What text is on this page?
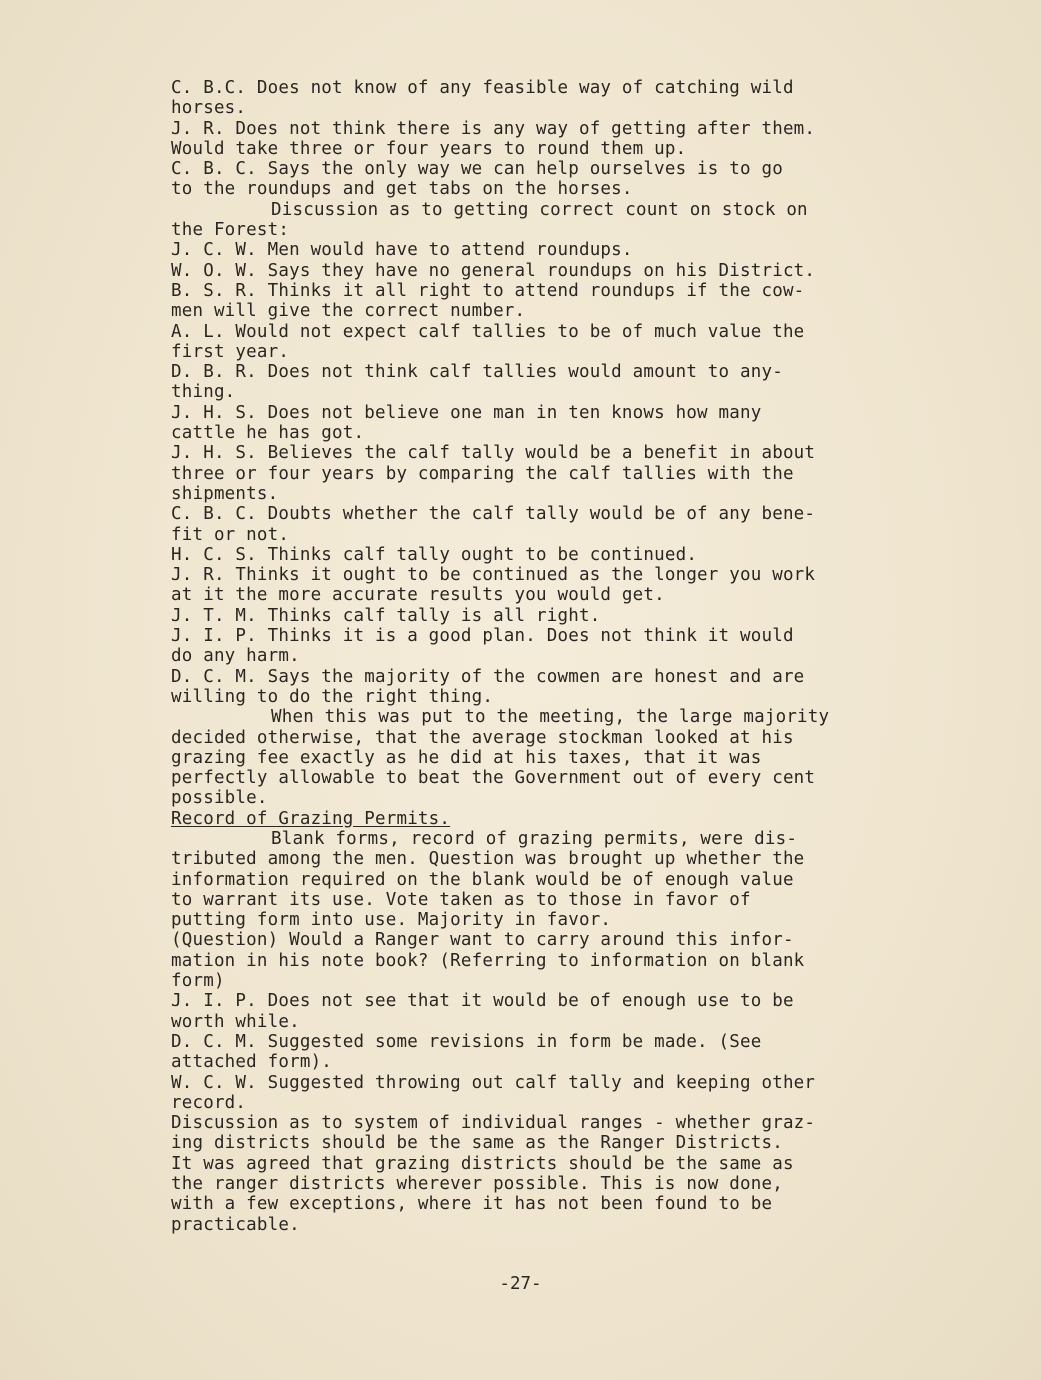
C. B.C. Does not know of any feasible way of catching wild
horses.
J. R. Does not think there is any way of getting after them.
Would take three or four years to round them up.
C. B. C. Says the only way we can help ourselves is to go
to the roundups and get tabs on the horses.
Discussion as to getting correct count on stock on
the Forest:
J. C. W. Men would have to attend roundups.
W. O. W. Says they have no general roundups on his District.
B. S. R. Thinks it all right to attend roundups if the cow-
men will give the correct number.
A. L. Would not expect calf tallies to be of much value the
first year.
D. B. R. Does not think calf tallies would amount to any-
thing.
J. H. S. Does not believe one man in ten knows how many
cattle he has got.
J. H. S. Believes the calf tally would be a benefit in about
three or four years by comparing the calf tallies with the
shipments.
C. B. C. Doubts whether the calf tally would be of any bene-
fit or not.
H. C. S. Thinks calf tally ought to be continued.
J. R. Thinks it ought to be continued as the longer you work
at it the more accurate results you would get.
J. T. M. Thinks calf tally is all right.
J. I. P. Thinks it is a good plan. Does not think it would
do any harm.
D. C. M. Says the majority of the cowmen are honest and are
willing to do the right thing.
When this was put to the meeting, the large majority
decided otherwise, that the average stockman looked at his
grazing fee exactly as he did at his taxes, that it was
perfectly allowable to beat the Government out of every cent
possible.
Record of Grazing Permits.
Blank forms, record of grazing permits, were dis-
tributed among the men. Question was brought up whether the
information required on the blank would be of enough value
to warrant its use. Vote taken as to those in favor of
putting form into use. Majority in favor.
(Question) Would a Ranger want to carry around this infor-
mation in his note book? (Referring to information on blank
form)
J. I. P. Does not see that it would be of enough use to be
worth while.
D. C. M. Suggested some revisions in form be made. (See
attached form).
W. C. W. Suggested throwing out calf tally and keeping other
record.
Discussion as to system of individual ranges - whether graz-
ing districts should be the same as the Ranger Districts.
It was agreed that grazing districts should be the same as
the ranger districts wherever possible. This is now done,
with a few exceptions, where it has not been found to be
practicable.
-27-
